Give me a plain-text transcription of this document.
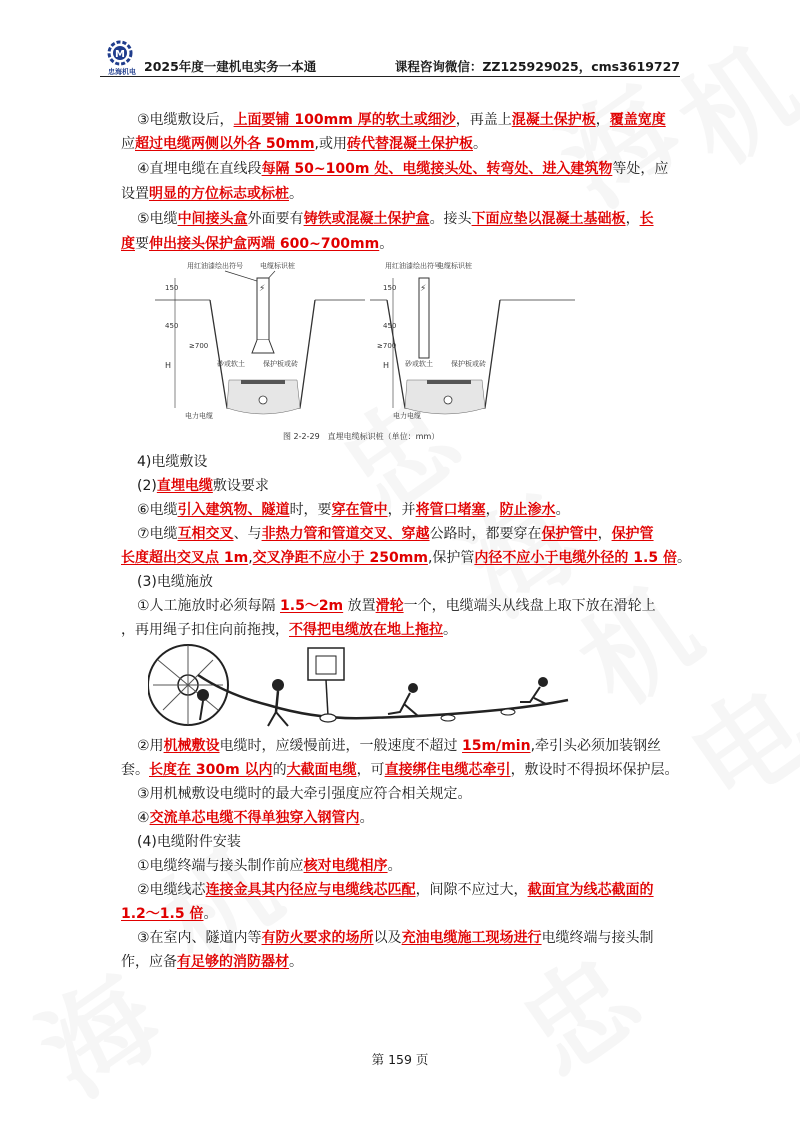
M
忠海机电 2025年度一建机电实务一本通	课程咨询微信：ZZ125929025，cms3619727
③电缆敷设后，上面要铺 100mm 厚的软土或细沙，再盖上混凝土保护板，覆盖宽度
应超过电缆两侧以外各 50mm,或用砖代替混凝土保护板。
④直埋电缆在直线段每隔 50~100m 处、电缆接头处、转弯处、进入建筑物等处，应
设置明显的方位标志或标桩。
⑤电缆中间接头盒外面要有铸铁或混凝土保护盒。接头下面应垫以混凝土基础板，长
度要伸出接头保护盒两端 600~700mm。
用红油漆绘出符号 电缆标识桩
⚡
砂或软土	保护板或砖
电力电缆
150
450
H
≥700
用红油漆绘出符号
电缆标识桩
⚡
砂或软土	保护板或砖
电力电缆
150
450
H
≥700
图 2-2-29　直埋电缆标识桩（单位：mm）
4)电缆敷设
(2)直埋电缆敷设要求
⑥电缆引入建筑物、隧道时，要穿在管中，并将管口堵塞，防止渗水。
⑦电缆互相交叉、与非热力管和管道交叉、穿越公路时，都要穿在保护管中，保护管
长度超出交叉点 1m,交叉净距不应小于 250mm,保护管内径不应小于电缆外径的 1.5 倍。
(3)电缆施放
①人工施放时必须每隔 1.5～2m 放置滑轮一个，电缆端头从线盘上取下放在滑轮上
，再用绳子扣住向前拖拽，不得把电缆放在地上拖拉。
②用机械敷设电缆时，应缓慢前进，一般速度不超过 15m/min,牵引头必须加装钢丝
套。长度在 300m 以内的大截面电缆，可直接绑住电缆芯牵引，敷设时不得损坏保护层。
③用机械敷设电缆时的最大牵引强度应符合相关规定。
④交流单芯电缆不得单独穿入钢管内。
(4)电缆附件安装
①电缆终端与接头制作前应核对电缆相序。
②电缆线芯连接金具其内径应与电缆线芯匹配，间隙不应过大，截面宜为线芯截面的
1.2～1.5 倍。
③在室内、隧道内等有防火要求的场所以及充油电缆施工现场进行电缆终端与接头制
作，应备有足够的消防器材。
第 159 页
